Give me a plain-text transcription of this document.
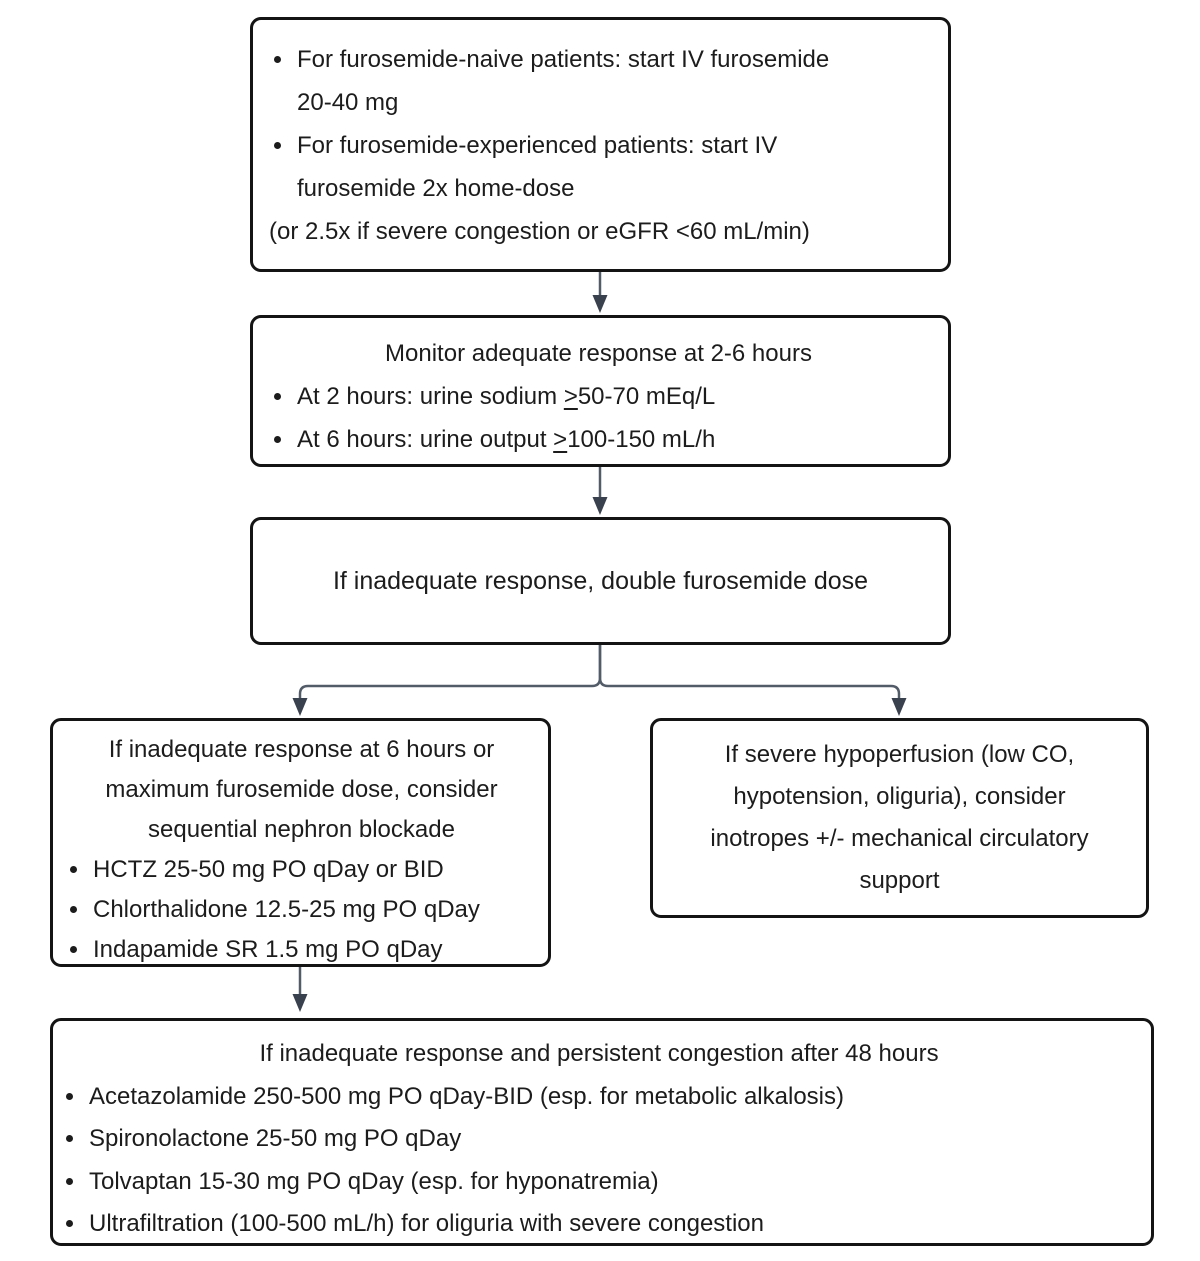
• For furosemide-naive patients: start IV furosemide
20-40 mg
• For furosemide-experienced patients: start IV
furosemide 2x home-dose
(or 2.5x if severe congestion or eGFR <60 mL/min)
Monitor adequate response at 2-6 hours
• At 2 hours: urine sodium ≥50-70 mEq/L
• At 6 hours: urine output ≥100-150 mL/h
If inadequate response, double furosemide dose
If inadequate response at 6 hours or
maximum furosemide dose, consider
sequential nephron blockade
• HCTZ 25-50 mg PO qDay or BID
• Chlorthalidone 12.5-25 mg PO qDay
• Indapamide SR 1.5 mg PO qDay
If severe hypoperfusion (low CO,
hypotension, oliguria), consider
inotropes +/- mechanical circulatory
support
If inadequate response and persistent congestion after 48 hours
• Acetazolamide 250-500 mg PO qDay-BID (esp. for metabolic alkalosis)
• Spironolactone 25-50 mg PO qDay
• Tolvaptan 15-30 mg PO qDay (esp. for hyponatremia)
• Ultrafiltration (100-500 mL/h) for oliguria with severe congestion
